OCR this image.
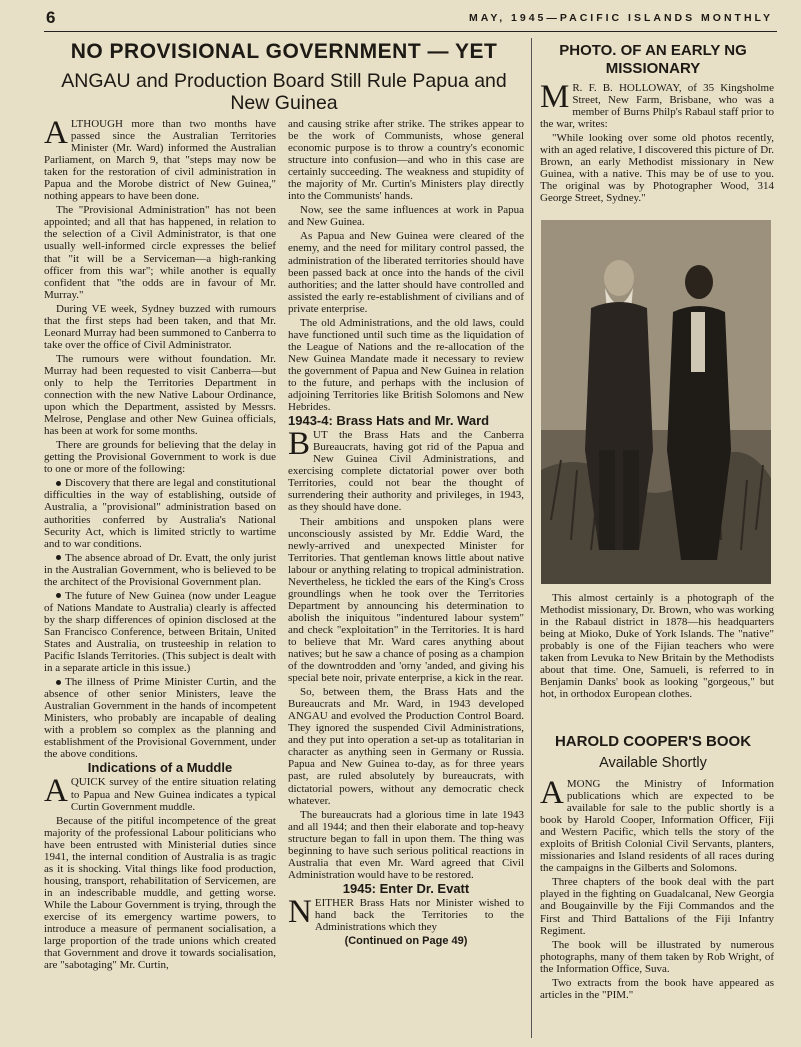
6	MAY, 1945—PACIFIC ISLANDS MONTHLY
NO PROVISIONAL GOVERNMENT — YET
ANGAU and Production Board Still Rule Papua and New Guinea

ALTHOUGH more than two months have passed since the Australian Territories Minister (Mr. Ward) informed the Australian Parliament, on March 9, that "steps may now be taken for the restoration of civil administration in Papua and the Morobe district of New Guinea," nothing appears to have been done.

The "Provisional Administration" has not been appointed; and all that has happened, in relation to the selection of a Civil Administrator, is that one usually well-informed circle expresses the belief that "it will be a Serviceman—a high-ranking officer from this war"; while another is equally confident that "the odds are in favour of Mr. Murray."

During VE week, Sydney buzzed with rumours that the first steps had been taken, and that Mr. Leonard Murray had been summoned to Canberra to take over the office of Civil Administrator.

The rumours were without foundation. Mr. Murray had been requested to visit Canberra—but only to help the Territories Department in connection with the new Native Labour Ordinance, upon which the Department, assisted by Messrs. Melrose, Penglase and other New Guinea officials, has been at work for some months.

There are grounds for believing that the delay in getting the Provisional Government to work is due to one or more of the following:

Discovery that there are legal and constitutional difficulties in the way of establishing, outside of Australia, a "provisional" administration based on authorities conferred by Australia's National Security Act, which is limited strictly to wartime and to war conditions.

The absence abroad of Dr. Evatt, the only jurist in the Australian Government, who is believed to be the architect of the Provisional Government plan.

The future of New Guinea (now under League of Nations Mandate to Australia) clearly is affected by the sharp differences of opinion disclosed at the San Francisco Conference, between Britain, United States and Australia, on trusteeship in relation to Pacific Islands Territories. (This subject is dealt with in a separate article in this issue.)

The illness of Prime Minister Curtin, and the absence of other senior Ministers, leave the Australian Government in the hands of incompetent Ministers, who probably are incapable of dealing with a problem so complex as the planning and establishment of the Provisional Government, under the above conditions.

Indications of a Muddle

AQUICK survey of the entire situation relating to Papua and New Guinea indicates a typical Curtin Government muddle.

Because of the pitiful incompetence of the great majority of the professional Labour politicians who have been entrusted with Ministerial duties since 1941, the internal condition of Australia is as tragic as it is shocking. Vital things like food production, housing, transport, rehabilitation of Servicemen, are in an indescribable muddle, and getting worse. While the Labour Government is trying, through the exercise of its emergency wartime powers, to introduce a measure of permanent socialisation, a large proportion of the trade unions which created that Government and drove it towards socialisation, are "sabotaging" Mr. Curtin,

and causing strike after strike. The strikes appear to be the work of Communists, whose general economic purpose is to throw a country's economic structure into confusion—and who in this case are certainly succeeding. The weakness and stupidity of the majority of Mr. Curtin's Ministers play directly into the Communists' hands.

Now, see the same influences at work in Papua and New Guinea.

As Papua and New Guinea were cleared of the enemy, and the need for military control passed, the administration of the liberated territories should have been passed back at once into the hands of the civil authorities; and the latter should have controlled and assisted the early re-establishment of civilians and of private enterprise.

The old Administrations, and the old laws, could have functioned until such time as the liquidation of the League of Nations and the re-allocation of the New Guinea Mandate made it necessary to review the government of Papua and New Guinea in relation to the future, and perhaps with the inclusion of adjoining Territories like British Solomons and New Hebrides.

1943-4: Brass Hats and Mr. Ward

BUT the Brass Hats and the Canberra Bureaucrats, having got rid of the Papua and New Guinea Civil Administrations, and exercising complete dictatorial power over both Territories, could not bear the thought of surrendering their authority and privileges, in 1943, as they should have done.

Their ambitions and unspoken plans were unconsciously assisted by Mr. Eddie Ward, the newly-arrived and unexpected Minister for Territories. That gentleman knows little about native labour or anything relating to tropical administration. Nevertheless, he tickled the ears of the King's Cross groundlings when he took over the Territories Department by announcing his determination to abolish the iniquitous "indentured labour system" and check "exploitation" in the Territories. It is hard to believe that Mr. Ward cares anything about natives; but he saw a chance of posing as a champion of the downtrodden and 'orny 'anded, and giving his special bete noir, private enterprise, a kick in the rear.

So, between them, the Brass Hats and the Bureaucrats and Mr. Ward, in 1943 developed ANGAU and evolved the Production Control Board. They ignored the suspended Civil Administrations, and they put into operation a set-up as totalitarian in character as anything seen in Germany or Russia. Papua and New Guinea to-day, as for three years past, are ruled absolutely by bureaucrats, with dictatorial powers, without any democratic check whatever.

The bureaucrats had a glorious time in late 1943 and all 1944; and then their elaborate and top-heavy structure began to fall in upon them. The thing was beginning to have such serious political reactions in Australia that even Mr. Ward agreed that Civil Administration would have to be restored.

1945: Enter Dr. Evatt

NEITHER Brass Hats nor Minister wished to hand back the Territories to the Administrations which they

(Continued on Page 49)

PHOTO. OF AN EARLY NG MISSIONARY

M R. F. B. HOLLOWAY, of 35 Kingsholme Street, New Farm, Brisbane, who was a member of Burns Philp's Rabaul staff prior to the war, writes:

"While looking over some old photos recently, with an aged relative, I discovered this picture of Dr. Brown, an early Methodist missionary in New Guinea, with a native. This may be of use to you. The original was by Photographer Wood, 314 George Street, Sydney."

This almost certainly is a photograph of the Methodist missionary, Dr. Brown, who was working in the Rabaul district in 1878—his headquarters being at Mioko, Duke of York Islands. The "native" probably is one of the Fijian teachers who were taken from Levuka to New Britain by the Methodists about that time. One, Samueli, is referred to in Benjamin Danks' book as looking "gorgeous," but hot, in orthodox European clothes.

HAROLD COOPER'S BOOK
Available Shortly

AMONG the Ministry of Information publications which are expected to be available for sale to the public shortly is a book by Harold Cooper, Information Officer, Fiji and Western Pacific, which tells the story of the exploits of British Colonial Civil Servants, planters, missionaries and Island residents of all races during the campaigns in the Gilberts and Solomons.

Three chapters of the book deal with the part played in the fighting on Guadalcanal, New Georgia and Bougainville by the Fiji Commandos and the First and Third Battalions of the Fiji Infantry Regiment.

The book will be illustrated by numerous photographs, many of them taken by Rob Wright, of the Information Office, Suva.

Two extracts from the book have appeared as articles in the "PIM."
